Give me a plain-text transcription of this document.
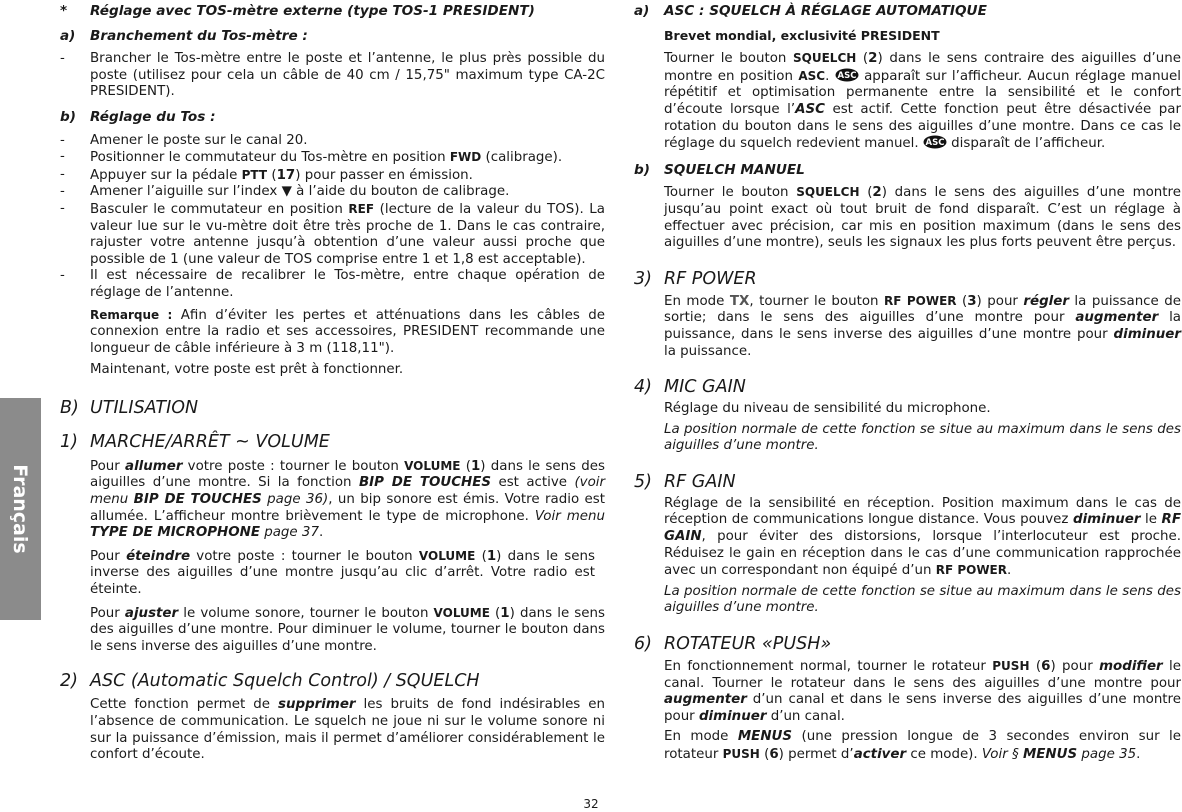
Français

* Réglage avec TOS-mètre externe (type TOS-1 PRESIDENT)

a) Branchement du Tos-mètre :

-	Brancher le Tos-mètre entre le poste et l’antenne, le plus près possible du poste (utilisez pour cela un câble de 40 cm / 15,75" maximum type CA-2C PRESIDENT).

b) Réglage du Tos :

-	Amener le poste sur le canal 20.
-	Positionner le commutateur du Tos-mètre en position FWD (calibrage).
-	Appuyer sur la pédale PTT (17) pour passer en émission.
-	Amener l’aiguille sur l’index ▼ à l’aide du bouton de calibrage.
-	Basculer le commutateur en position REF (lecture de la valeur du TOS). La valeur lue sur le vu-mètre doit être très proche de 1. Dans le cas contraire, rajuster votre antenne jusqu’à obtention d’une valeur aussi proche que possible de 1 (une valeur de TOS comprise entre 1 et 1,8 est acceptable).
-	Il est nécessaire de recalibrer le Tos-mètre, entre chaque opération de réglage de l’antenne.

Remarque : Afin d’éviter les pertes et atténuations dans les câbles de connexion entre la radio et ses accessoires, PRESIDENT recommande une longueur de câble inférieure à 3 m (118,11").

Maintenant, votre poste est prêt à fonctionner.

B) UTILISATION

1) MARCHE/ARRÊT ~ VOLUME

Pour allumer votre poste : tourner le bouton VOLUME (1) dans le sens des aiguilles d’une montre. Si la fonction BIP DE TOUCHES est active (voir menu BIP DE TOUCHES page 36), un bip sonore est émis. Votre radio est allumée. L’afficheur montre brièvement le type de microphone. Voir menu TYPE DE MICROPHONE page 37.

Pour éteindre votre poste : tourner le bouton VOLUME (1) dans le sens inverse des aiguilles d’une montre jusqu’au clic d’arrêt. Votre radio est éteinte.

Pour ajuster le volume sonore, tourner le bouton VOLUME (1) dans le sens des aiguilles d’une montre. Pour diminuer le volume, tourner le bouton dans le sens inverse des aiguilles d’une montre.

2) ASC (Automatic Squelch Control) / SQUELCH

Cette fonction permet de supprimer les bruits de fond indésirables en l’absence de communication. Le squelch ne joue ni sur le volume sonore ni sur la puissance d’émission, mais il permet d’améliorer considérablement le confort d’écoute.

a) ASC : SQUELCH À RÉGLAGE AUTOMATIQUE

Brevet mondial, exclusivité PRESIDENT

Tourner le bouton SQUELCH (2) dans le sens contraire des aiguilles d’une montre en position ASC. ASC apparaît sur l’afficheur. Aucun réglage manuel répétitif et optimisation permanente entre la sensibilité et le confort d’écoute lorsque l’ASC est actif. Cette fonction peut être désactivée par rotation du bouton dans le sens des aiguilles d’une montre. Dans ce cas le réglage du squelch redevient manuel. ASC disparaît de l’afficheur.

b) SQUELCH MANUEL

Tourner le bouton SQUELCH (2) dans le sens des aiguilles d’une montre jusqu’au point exact où tout bruit de fond disparaît. C’est un réglage à effectuer avec précision, car mis en position maximum (dans le sens des aiguilles d’une montre), seuls les signaux les plus forts peuvent être perçus.

3) RF POWER

En mode TX, tourner le bouton RF POWER (3) pour régler la puissance de sortie; dans le sens des aiguilles d’une montre pour augmenter la puissance, dans le sens inverse des aiguilles d’une montre pour diminuer la puissance.

4) MIC GAIN

Réglage du niveau de sensibilité du microphone.

La position normale de cette fonction se situe au maximum dans le sens des aiguilles d’une montre.

5) RF GAIN

Réglage de la sensibilité en réception. Position maximum dans le cas de réception de communications longue distance. Vous pouvez diminuer le RF GAIN, pour éviter des distorsions, lorsque l’interlocuteur est proche. Réduisez le gain en réception dans le cas d’une communication rapprochée avec un correspondant non équipé d’un RF POWER.

La position normale de cette fonction se situe au maximum dans le sens des aiguilles d’une montre.

6) ROTATEUR «PUSH»

En fonctionnement normal, tourner le rotateur PUSH (6) pour modifier le canal. Tourner le rotateur dans le sens des aiguilles d’une montre pour augmenter d’un canal et dans le sens inverse des aiguilles d’une montre pour diminuer d’un canal.

En mode MENUS (une pression longue de 3 secondes environ sur le rotateur PUSH (6) permet d’activer ce mode). Voir § MENUS page 35.

32
